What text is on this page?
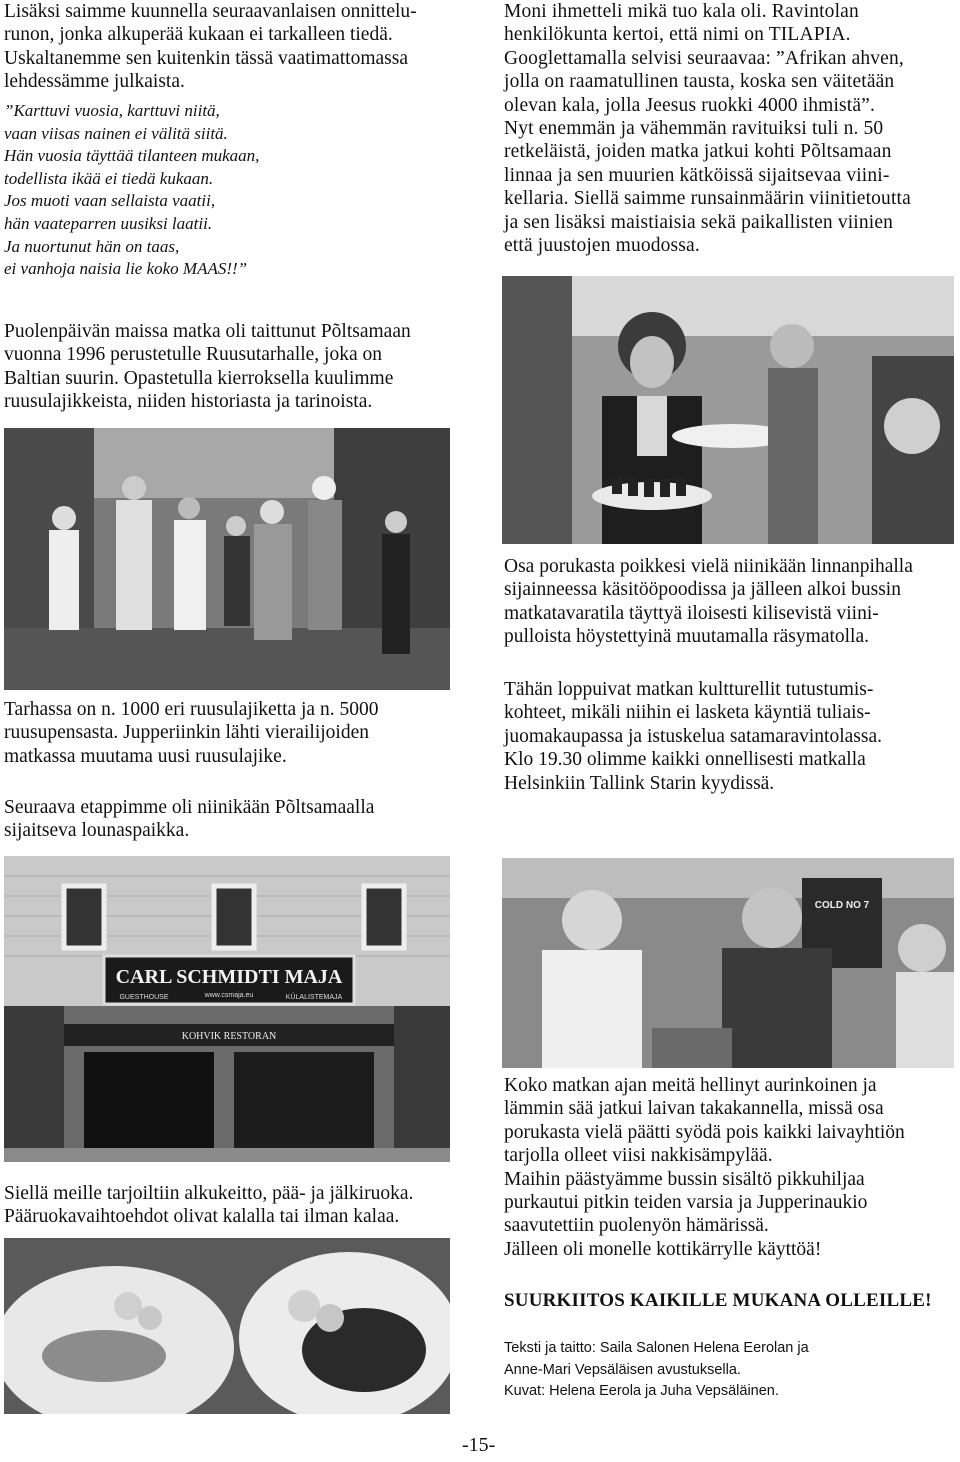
Lisäksi saimme kuunnella seuraavanlaisen onnittelu-

runon, jonka alkuperää kukaan ei tarkalleen tiedä.

Uskaltanemme sen kuitenkin tässä vaatimattomassa

lehdessämme julkaista.

”Karttuvi vuosia, karttuvi niitä,
vaan viisas nainen ei välitä siitä.
Hän vuosia täyttää tilanteen mukaan,
todellista ikää ei tiedä kukaan.
Jos muoti vaan sellaista vaatii,
hän vaateparren uusiksi laatii.
Ja nuortunut hän on taas,
ei vanhoja naisia lie koko MAAS!!”

Puolenpäivän maissa matka oli taittunut Põltsamaan

vuonna 1996 perustetulle Ruusutarhalle, joka on

Baltian suurin. Opastetulla kierroksella kuulimme

ruusulajikkeista, niiden historiasta ja tarinoista.

Tarhassa on n. 1000 eri ruusulajiketta ja n. 5000

ruusupensasta. Jupperiinkin lähti vierailijoiden

matkassa muutama uusi ruusulajike.

Seuraava etappimme oli niinikään Põltsamaalla

sijaitseva lounaspaikka.

CARL SCHMIDTI MAJA
GUESTHOUSE	www.csmaja.eu	KÜLALISTEMAJA
KOHVIK RESTORAN

Siellä meille tarjoiltiin alkukeitto, pää- ja jälkiruoka.

Pääruokavaihtoehdot olivat kalalla tai ilman kalaa.

Moni ihmetteli mikä tuo kala oli. Ravintolan

henkilökunta kertoi, että nimi on TILAPIA.

Googlettamalla selvisi seuraavaa: ”Afrikan ahven,

jolla on raamatullinen tausta, koska sen väitetään

olevan kala, jolla Jeesus ruokki 4000 ihmistä”.

Nyt enemmän ja vähemmän ravituiksi tuli n. 50

retkeläistä, joiden matka jatkui kohti Põltsamaan

linnaa ja sen muurien kätköissä sijaitsevaa viini-

kellaria. Siellä saimme runsainmäärin viinitietoutta

ja sen lisäksi maistiaisia sekä paikallisten viinien

että juustojen muodossa.

Osa porukasta poikkesi vielä niinikään linnanpihalla

sijainneessa käsitööpoodissa ja jälleen alkoi bussin

matkatavaratila täyttyä iloisesti kilisevistä viini-

pulloista höystettyinä muutamalla räsymatolla.

Tähän loppuivat matkan kultturellit tutustumis-

kohteet, mikäli niihin ei lasketa käyntiä tuliais-

juomakaupassa ja istuskelua satamaravintolassa.

Klo 19.30 olimme kaikki onnellisesti matkalla

Helsinkiin Tallink Starin kyydissä.

COLD NO 7

Koko matkan ajan meitä hellinyt aurinkoinen ja

lämmin sää jatkui laivan takakannella, missä osa

porukasta vielä päätti syödä pois kaikki laivayhtiön

tarjolla olleet viisi nakkisämpylää.

Maihin päästyämme bussin sisältö pikkuhiljaa

purkautui pitkin teiden varsia ja Jupperinaukio

saavutettiin puolenyön hämärissä.

Jälleen oli monelle kottikärrylle käyttöä!

SUURKIITOS KAIKILLE MUKANA OLLEILLE!
Teksti ja taitto: Saila Salonen Helena Eerolan ja
Anne-Mari Vepsäläisen avustuksella.
Kuvat: Helena Eerola ja Juha Vepsäläinen.
-15-
